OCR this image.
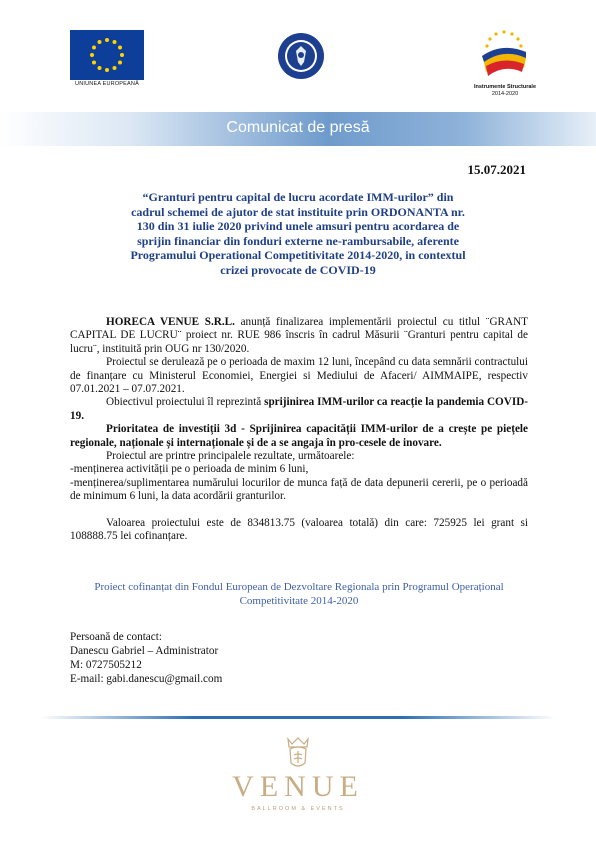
UNIUNEA EUROPEANĂ	Instrumente Structurale
2014-2020
Comunicat de presă
15.07.2021
“Granturi pentru capital de lucru acordate IMM-urilor” din
cadrul schemei de ajutor de stat instituite prin ORDONANTA nr.
130 din 31 iulie 2020 privind unele amsuri pentru acordarea de
sprijin financiar din fonduri externe ne-rambursabile, aferente
Programului Operational Competitivitate 2014-2020, in contextul
crizei provocate de COVID-19

HORECA VENUE S.R.L. anunță finalizarea implementării proiectul cu titlul ¨GRANT CAPITAL DE LUCRU¨ proiect nr. RUE 986 înscris în cadrul Măsurii ¨Granturi pentru capital de lucru¨, instituită prin OUG nr 130/2020.

Proiectul se derulează pe o perioada de maxim 12 luni, începând cu data semnării contractului de finanțare cu Ministerul Economiei, Energiei si Mediului de Afaceri/ AIMMAIPE, respectiv 07.01.2021 – 07.07.2021.

Obiectivul proiectului îl reprezintă sprijinirea IMM-urilor ca reacție la pandemia COVID-19.

Prioritatea de investiții 3d - Sprijinirea capacității IMM-urilor de a crește pe piețele regionale, naționale și internaționale și de a se angaja în pro-cesele de inovare.

Proiectul are printre principalele rezultate, următoarele:

-menținerea activității pe o perioada de minim 6 luni,

-menținerea/suplimentarea numărului locurilor de munca față de data depunerii cererii, pe o perioadă de minimum 6 luni, la data acordării granturilor.

Valoarea proiectului este de 834813.75 (valoarea totală) din care: 725925 lei grant si 108888.75 lei cofinanțare.

Proiect cofinanțat din Fondul European de Dezvoltare Regionala prin Programul Operațional
Competitivitate 2014-2020
Persoană de contact:
Danescu Gabriel – Administrator
M: 0727505212
E-mail: gabi.danescu@gmail.com
VENUE
BALLROOM & EVENTS
